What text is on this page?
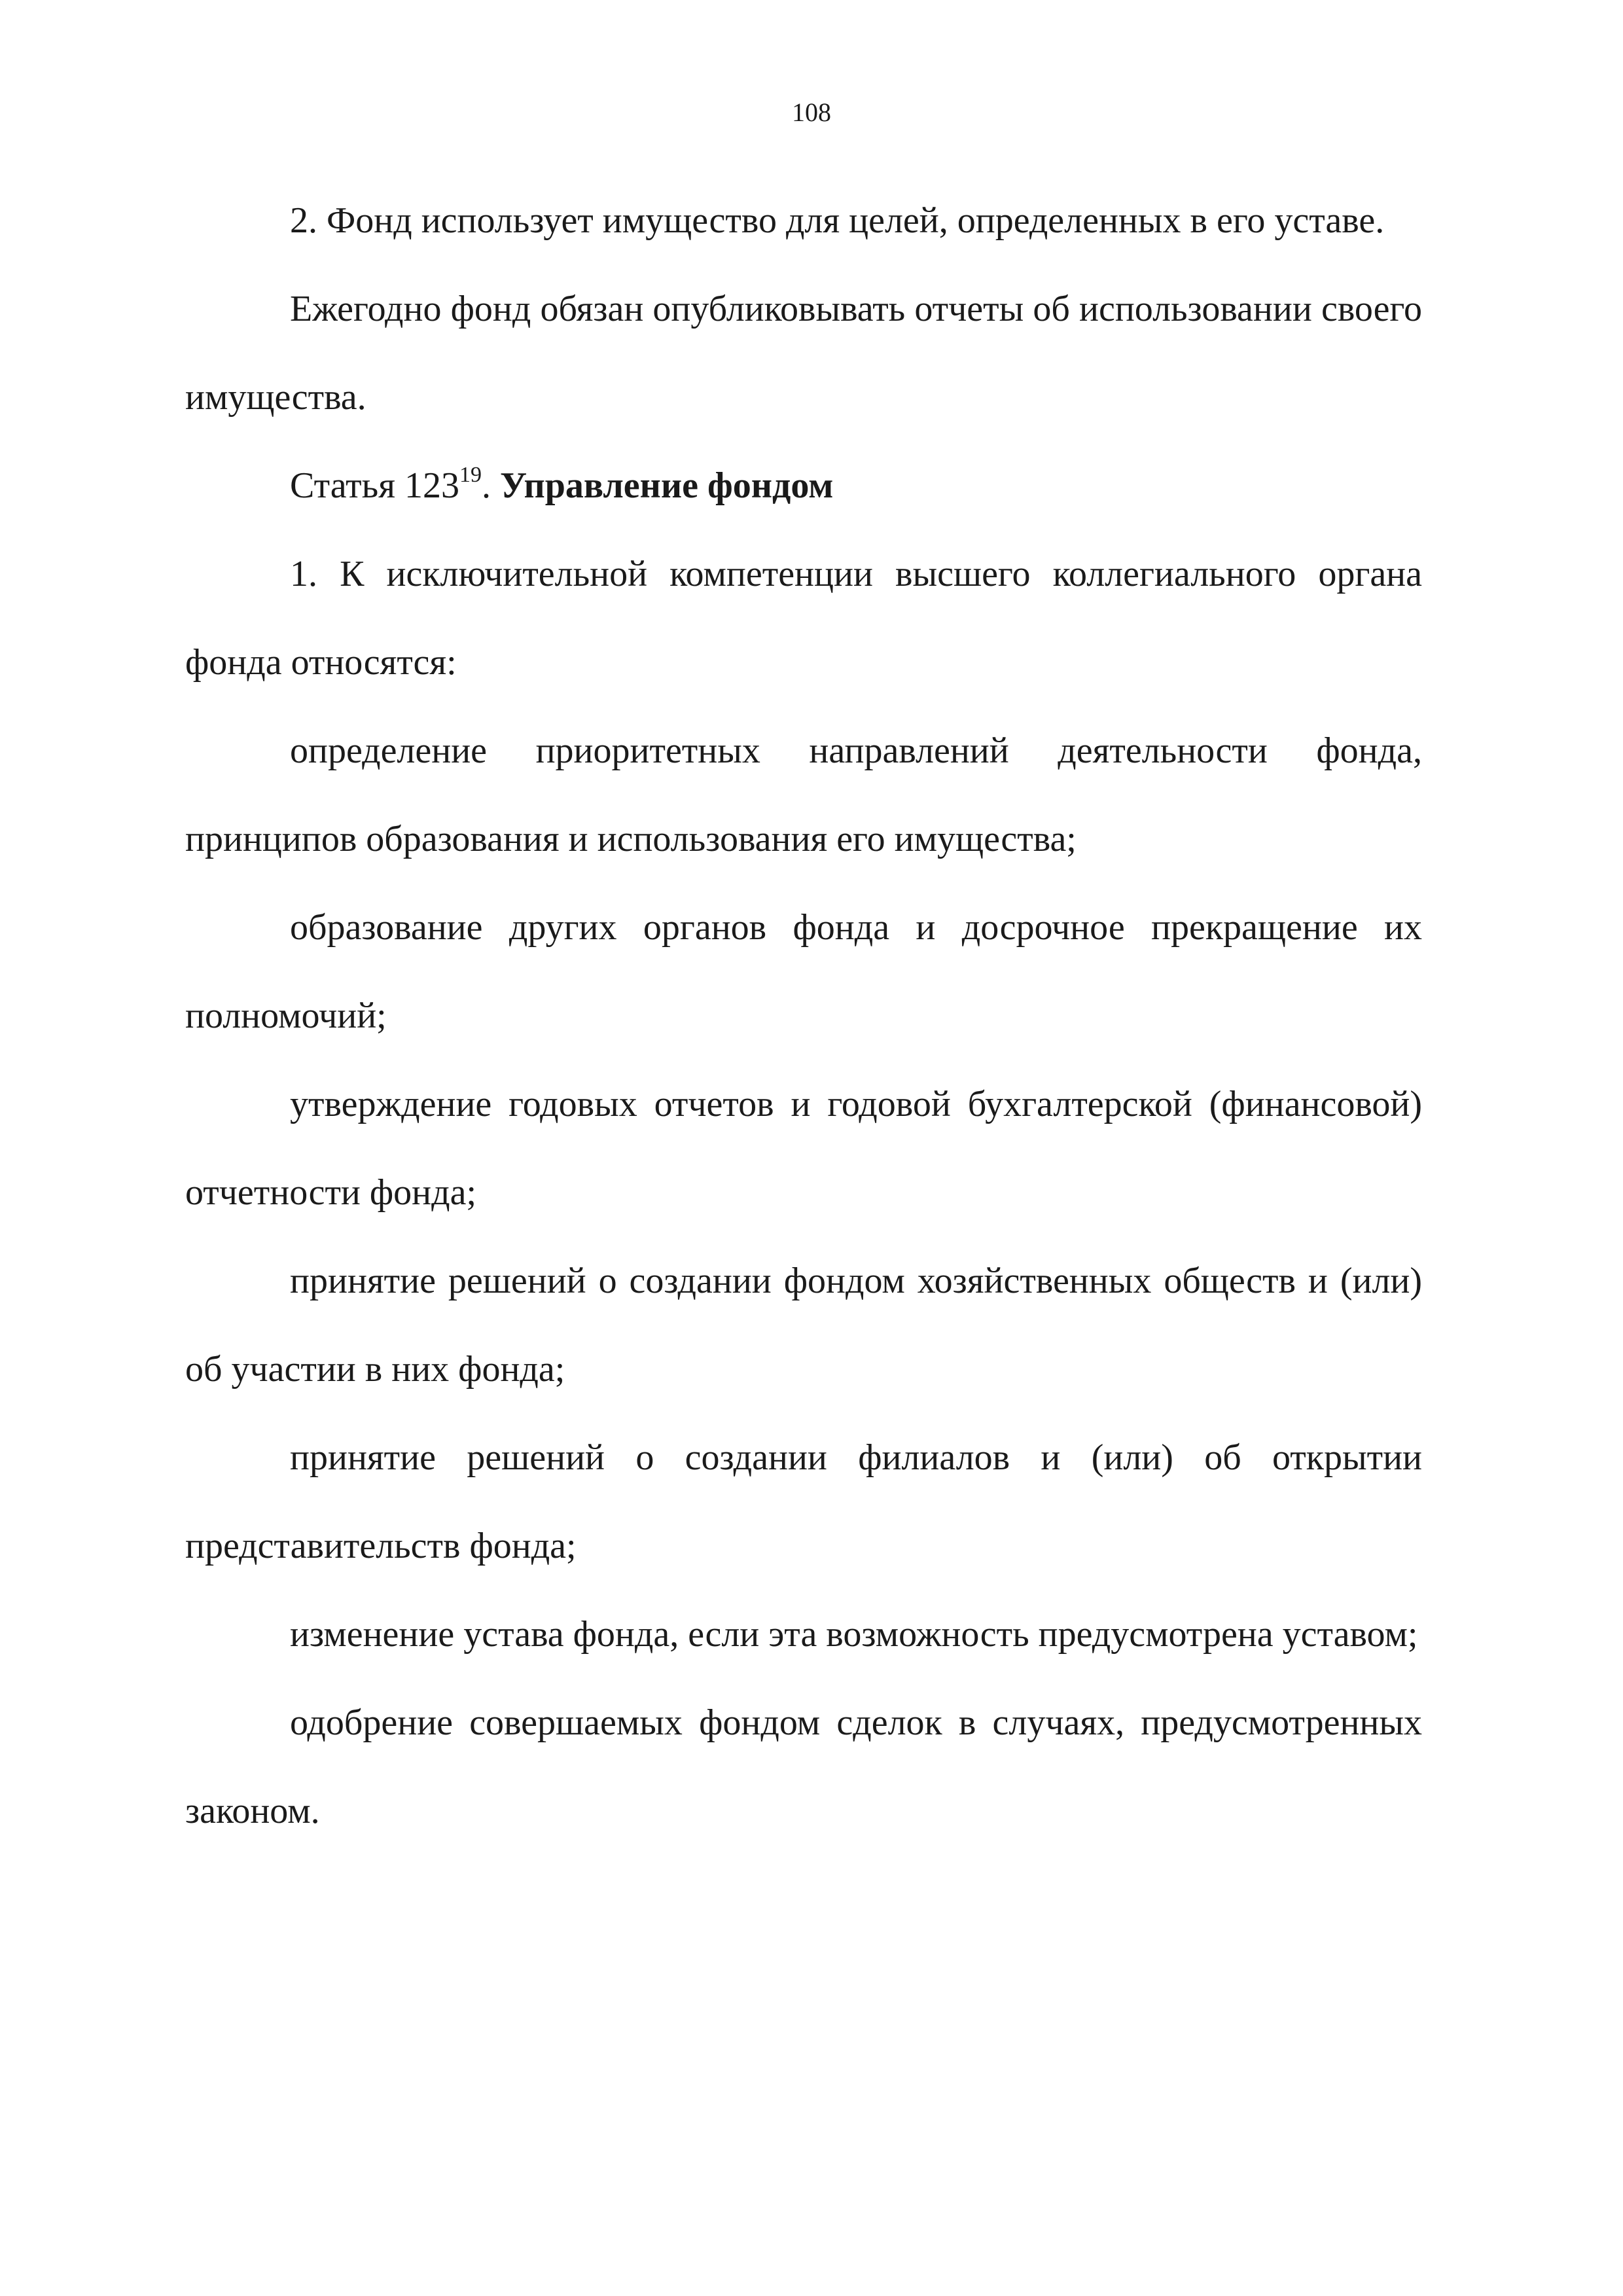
108

2. Фонд использует имущество для целей, определенных в его уставе.

Ежегодно фонд обязан опубликовывать отчеты об использовании своего имущества.

Статья $123^{19}$. Управление фондом

1. К исключительной компетенции высшего коллегиального органа фонда относятся:

определение приоритетных направлений деятельности фонда, принципов образования и использования его имущества;

образование других органов фонда и досрочное прекращение их полномочий;

утверждение годовых отчетов и годовой бухгалтерской (финансовой) отчетности фонда;

принятие решений о создании фондом хозяйственных обществ и (или) об участии в них фонда;

принятие решений о создании филиалов и (или) об открытии представительств фонда;

изменение устава фонда, если эта возможность предусмотрена уставом;

одобрение совершаемых фондом сделок в случаях, предусмотренных законом.
